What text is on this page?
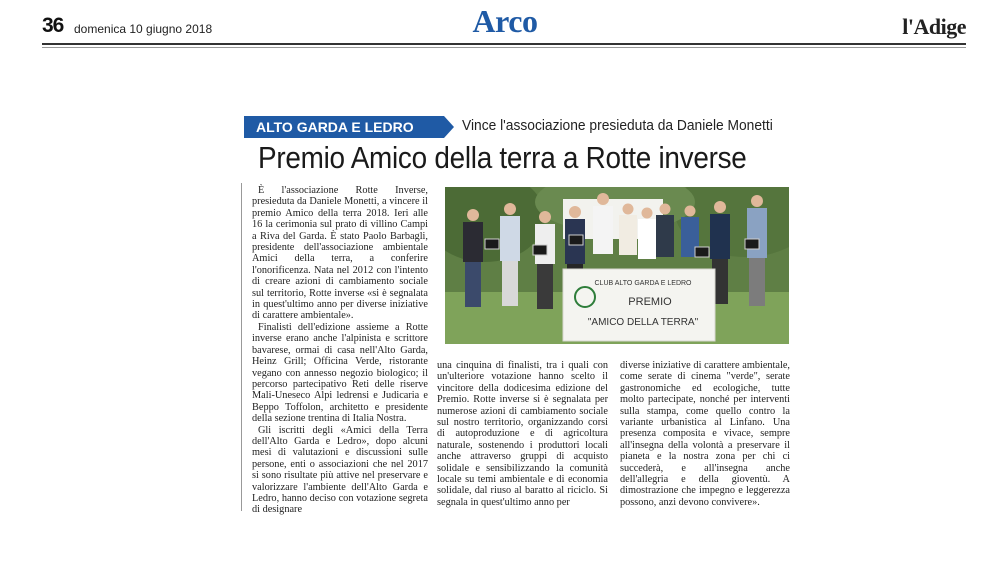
36 domenica 10 giugno 2018	Arco	l'Adige
ALTO GARDA E LEDRO	Vince l'associazione presieduta da Daniele Monetti
Premio Amico della terra a Rotte inverse

È l'associazione Rotte Inverse, presieduta da Daniele Monetti, a vincere il premio Amico della terra 2018. Ieri alle 16 la cerimonia sul prato di villino Campi a Riva del Garda. È stato Paolo Barbagli, presidente dell'associazione ambientale Amici della terra, a conferire l'onorificenza. Nata nel 2012 con l'intento di creare azioni di cambiamento sociale sul territorio, Rotte inverse «si è segnalata in quest'ultimo anno per diverse iniziative di carattere ambientale».

Finalisti dell'edizione assieme a Rotte inverse erano anche l'alpinista e scrittore bavarese, ormai di casa nell'Alto Garda, Heinz Grill; Officina Verde, ristorante vegano con annesso negozio biologico; il percorso partecipativo Reti delle riserve Mali-Uneseco Alpi ledrensi e Judicaria e Beppo Toffolon, architetto e presidente della sezione trentina di Italia Nostra.

Gli iscritti degli «Amici della Terra dell'Alto Garda e Ledro», dopo alcuni mesi di valutazioni e discussioni sulle persone, enti o associazioni che nel 2017 si sono risultate più attive nel preservare e valorizzare l'ambiente dell'Alto Garda e Ledro, hanno deciso con votazione segreta di designare

CLUB ALTO GARDA E LEDRO
PREMIO
"AMICO DELLA TERRA"

una cinquina di finalisti, tra i quali con un'ulteriore votazione hanno scelto il vincitore della dodicesima edizione del Premio. Rotte inverse si è segnalata per numerose azioni di cambiamento sociale sul nostro territorio, organizzando corsi di autoproduzione e di agricoltura naturale, sostenendo i produttori locali anche attraverso gruppi di acquisto solidale e sensibilizzando la comunità locale su temi ambientale e di economia solidale, dal riuso al baratto al riciclo. Si segnala in quest'ultimo anno per

diverse iniziative di carattere ambientale, come serate di cinema "verde", serate gastronomiche ed ecologiche, tutte molto partecipate, nonché per interventi sulla stampa, come quello contro la variante urbanistica al Linfano. Una presenza composita e vivace, sempre all'insegna della volontà a preservare il pianeta e la nostra zona per chi ci succederà, e all'insegna anche dell'allegria e della gioventù. A dimostrazione che impegno e leggerezza possono, anzi devono convivere».
